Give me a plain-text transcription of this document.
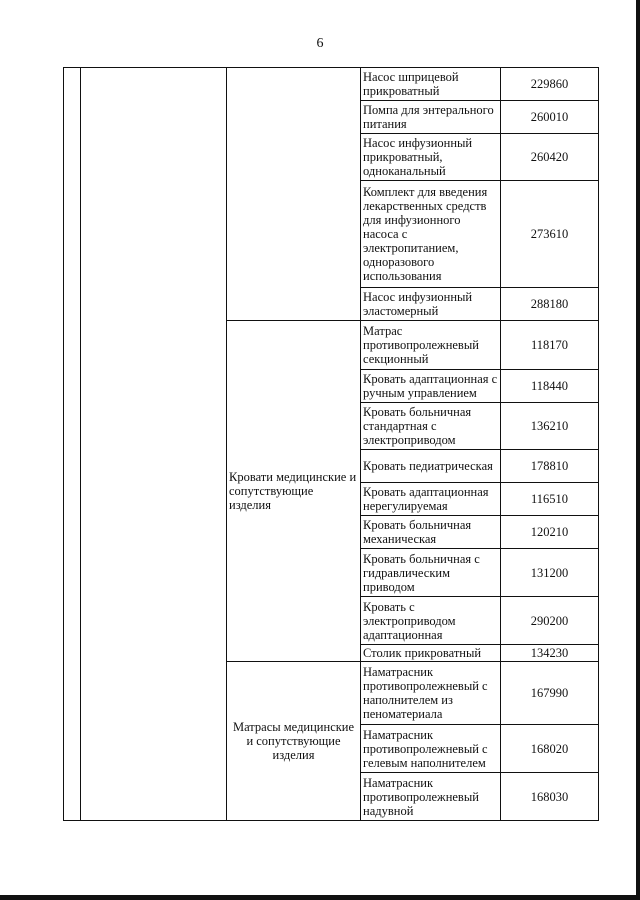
6
			Насос шприцевой прикроватный	229860
			Помпа для энтерального питания	260010
			Насос инфузионный прикроватный, одноканальный	260420
			Комплект для введения лекарственных средств для инфузионного насоса с электропитанием, одноразового использования	273610
			Насос инфузионный эластомерный	288180
		Кровати медицинские и сопутствующие изделия	Матрас противопролежневый секционный	118170
			Кровать адаптационная с ручным управлением	118440
			Кровать больничная стандартная с электроприводом	136210
			Кровать педиатрическая	178810
			Кровать адаптационная нерегулируемая	116510
			Кровать больничная механическая	120210
			Кровать больничная с гидравлическим приводом	131200
			Кровать с электроприводом адаптационная	290200
			Столик прикроватный	134230
		Матрасы медицинские и сопутствующие изделия	Наматрасник противопролежневый с наполнителем из пеноматериала	167990
			Наматрасник противопролежневый с гелевым наполнителем	168020
			Наматрасник противопролежневый надувной	168030
